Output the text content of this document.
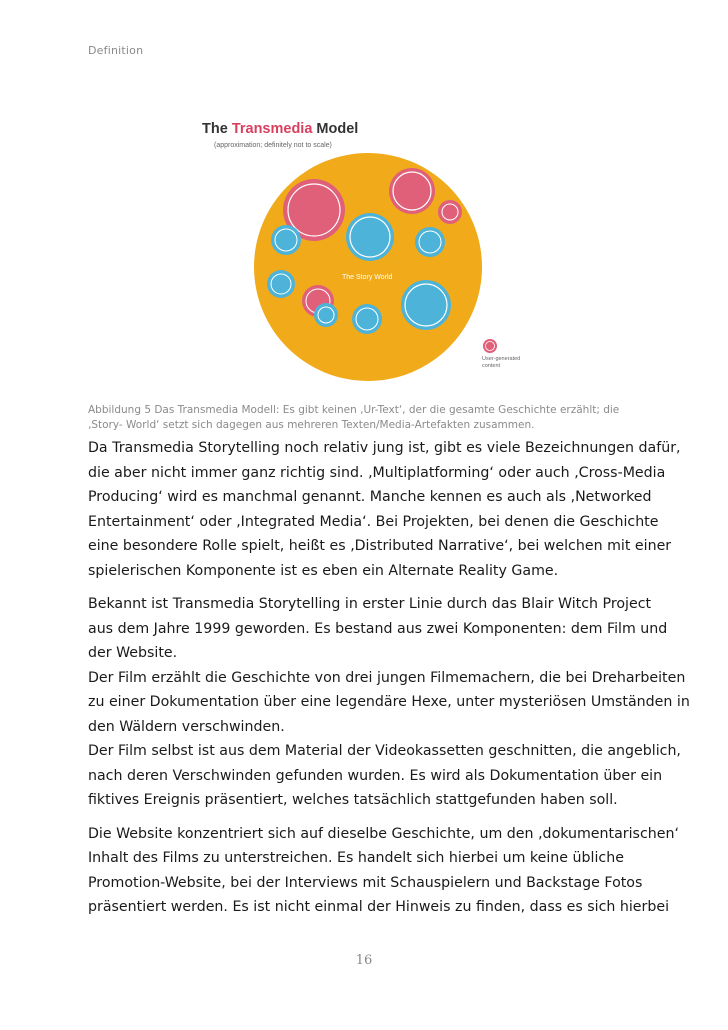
Definition
The Transmedia Model
(approximation; definitely not to scale)
The Story World
User-generated
content
Abbildung 5 Das Transmedia Modell: Es gibt keinen ‚Ur-Text‘, der die gesamte Geschichte erzählt; die ‚Story- World‘ setzt sich dagegen aus mehreren Texten/Media-Artefakten zusammen.

Da Transmedia Storytelling noch relativ jung ist, gibt es viele Bezeichnungen dafür,
die aber nicht immer ganz richtig sind. ‚Multiplatforming‘ oder auch ‚Cross-Media
Producing‘ wird es manchmal genannt. Manche kennen es auch als ‚Networked
Entertainment‘ oder ‚Integrated Media‘. Bei Projekten, bei denen die Geschichte
eine besondere Rolle spielt, heißt es ‚Distributed Narrative‘, bei welchen mit einer
spielerischen Komponente ist es eben ein Alternate Reality Game.

Bekannt ist Transmedia Storytelling in erster Linie durch das Blair Witch Project
aus dem Jahre 1999 geworden. Es bestand aus zwei Komponenten: dem Film und
der Website.
Der Film erzählt die Geschichte von drei jungen Filmemachern, die bei Dreharbeiten
zu einer Dokumentation über eine legendäre Hexe, unter mysteriösen Umständen in
den Wäldern verschwinden.
Der Film selbst ist aus dem Material der Videokassetten geschnitten, die angeblich,
nach deren Verschwinden gefunden wurden. Es wird als Dokumentation über ein
fiktives Ereignis präsentiert, welches tatsächlich stattgefunden haben soll.

Die Website konzentriert sich auf dieselbe Geschichte, um den ‚dokumentarischen‘
Inhalt des Films zu unterstreichen. Es handelt sich hierbei um keine übliche
Promotion-Website, bei der Interviews mit Schauspielern und Backstage Fotos
präsentiert werden. Es ist nicht einmal der Hinweis zu finden, dass es sich hierbei

16
